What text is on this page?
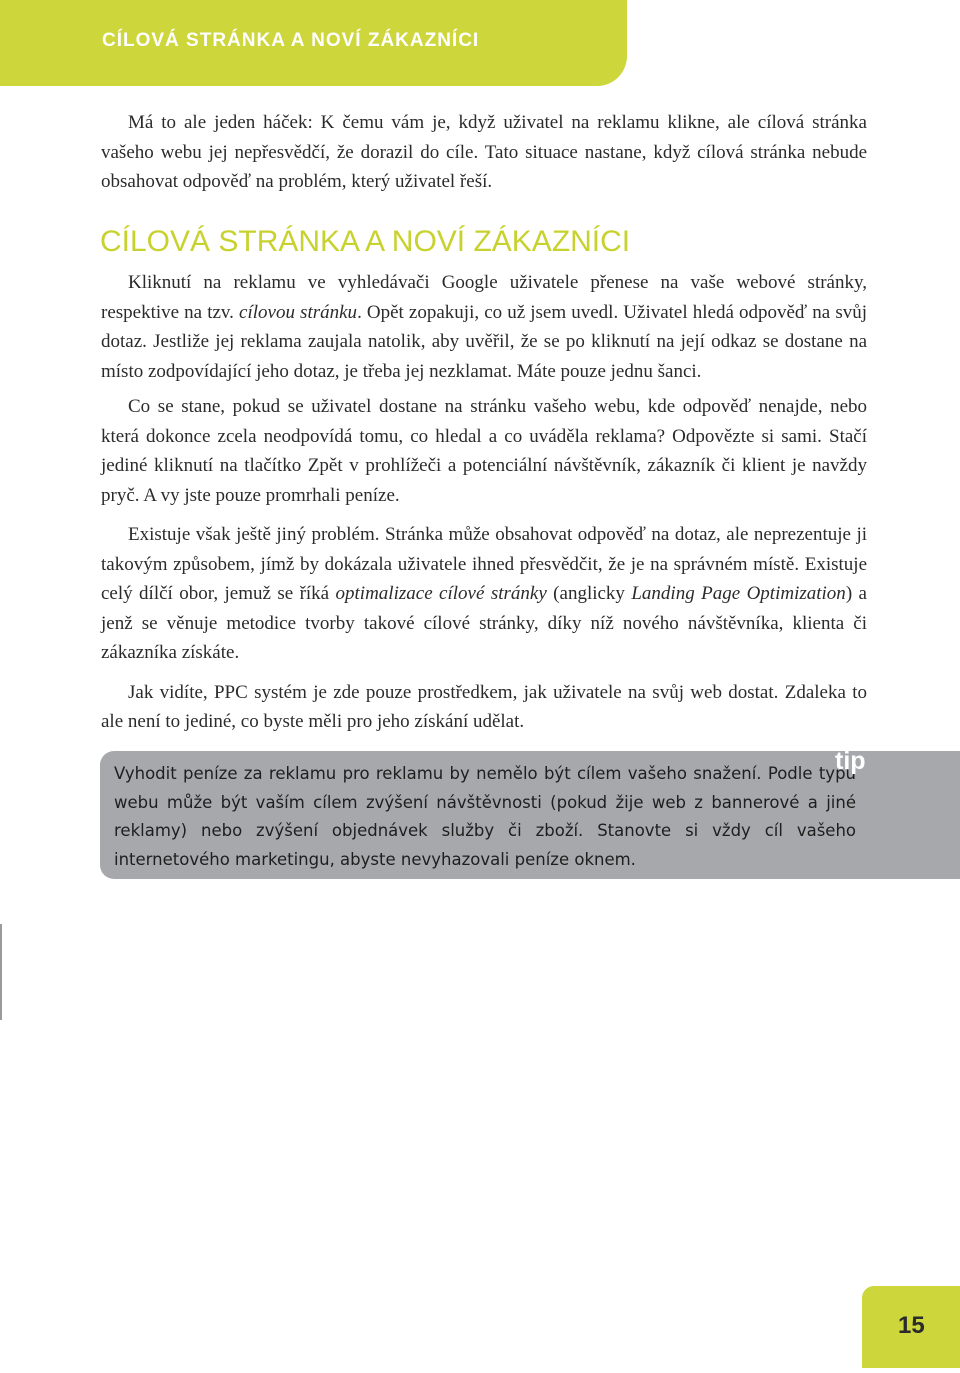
CÍLOVÁ STRÁNKA A NOVÍ ZÁKAZNÍCI

Má to ale jeden háček: K čemu vám je, když uživatel na reklamu klikne, ale cílová stránka vašeho webu jej nepřesvědčí, že dorazil do cíle. Tato situace nastane, když cílová stránka nebude obsahovat odpověď na problém, který uživatel řeší.

CÍLOVÁ STRÁNKA A NOVÍ ZÁKAZNÍCI

Kliknutí na reklamu ve vyhledávači Google uživatele přenese na vaše webové stránky, respektive na tzv. cílovou stránku. Opět zopakuji, co už jsem uvedl. Uživatel hledá odpověď na svůj dotaz. Jestliže jej reklama zaujala natolik, aby uvěřil, že se po kliknutí na její odkaz se dostane na místo zodpovídající jeho dotaz, je třeba jej nezklamat. Máte pouze jednu šanci.

Co se stane, pokud se uživatel dostane na stránku vašeho webu, kde odpověď nenajde, nebo která dokonce zcela neodpovídá tomu, co hledal a co uváděla reklama? Odpovězte si sami. Stačí jediné kliknutí na tlačítko Zpět v prohlížeči a potenciální návštěvník, zákazník či klient je navždy pryč. A vy jste pouze promrhali peníze.

Existuje však ještě jiný problém. Stránka může obsahovat odpověď na dotaz, ale neprezentuje ji takovým způsobem, jímž by dokázala uživatele ihned přesvědčit, že je na správném místě. Existuje celý dílčí obor, jemuž se říká optimalizace cílové stránky (anglicky Landing Page Optimization) a jenž se věnuje metodice tvorby takové cílové stránky, díky níž nového návštěvníka, klienta či zákazníka získáte.

Jak vidíte, PPC systém je zde pouze prostředkem, jak uživatele na svůj web dostat. Zdaleka to ale není to jediné, co byste měli pro jeho získání udělat.

Vyhodit peníze za reklamu pro reklamu by nemělo být cílem vašeho snažení. Podle typu webu může být vaším cílem zvýšení návštěvnosti (pokud žije web z bannerové a jiné reklamy) nebo zvýšení objednávek služby či zboží. Stanovte si vždy cíl vašeho internetového marketingu, abyste nevyhazovali peníze oknem.
tip
15
